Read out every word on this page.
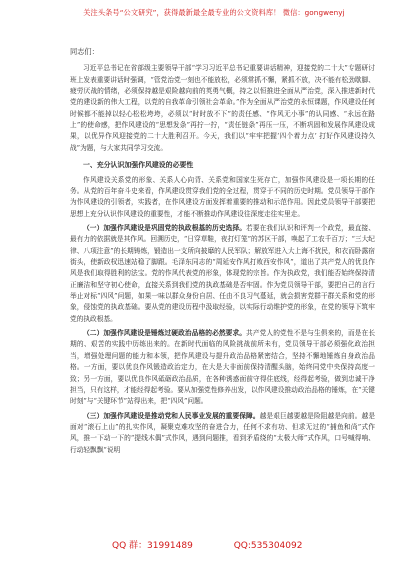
关注头条号“公文研究”，获得最新最全最专业的公文资料库！ 微信：gongwenyj

同志们：

习近平总书记在省部级主要领导干部“学习习近平总书记重要讲话精神，迎接党的二十大”专题研讨班上发表重要讲话时强调，“管党治党一刻也不能放松，必须常抓不懈，紧抓不放，决不能有松劲歇脚、疲劳厌战的情绪，必须保持越是艰险越向前的英勇气概，持之以恒推进全面从严治党，深入推进新时代党的建设新的伟大工程，以党的自我革命引领社会革命。”作为全面从严治党的永恒课题，作风建设任何时候都不能掉以轻心松松垮垮，必须以“时时放不下”的责任感、“作风无小事”的认同感、“永远在路上”的使命感，把作风建设的“思想发条”再拧一拧，“责任链条”再压一压，不断巩固和发展作风建设成果，以优异作风迎接党的二十大胜利召开。今天，我们以“牢牢把握‘四个着力点’ 打好作风建设持久战”为题，与大家共同学习交流。

一、充分认识加强作风建设的必要性

作风建设关系党的形象、关系人心向背、关系党和国家生死存亡，加强作风建设是一项长期的任务。从党的百年奋斗史来看，作风建设贯穿我们党的全过程，贯穿于不同的历史时期。党员领导干部作为作风建设的引领者，实践者，在作风建设方面发挥着重要的推动和示范作用。因此党员领导干部要把思想上充分认识作风建设的重要性，才能不断推动作风建设往深度走往实里走。

（一）加强作风建设是巩固党的执政根基的历史选择。若要在我们认识和评判一个政党，最直接、最有力的依据就是其作风。回溯历史，“日穿草鞋，夜打灯笼”的苏区干部，唤起了工农千百万；“三大纪律、八项注意”的长期铸炼，锻造出一支所向披靡的人民军队；解放军进入大上海不扰民，和衣而卧露宿街头，使新政权迅速站稳了脚跟。毛泽东同志的“周延安作风打败西安作风”，道出了共产党人的优良作风是我们取得胜利的法宝。党的作风代表党的形象，体现党的宗旨。作为执政党，我们能否始终保持清正廉洁和坚守初心使命，直接关系到我们党的执政基础是否牢固。作为党员领导干部，要把自己的言行举止对标“四风”问题，如果一味以群众身份自居、任由不良习气蔓延，就会损害党群干群关系和党的形象，侵蚀党的执政基础。要从党的建设历程中汲取经验，以实际行动维护党的形象，在党的领导下筑牢党的执政根基。

（二）加强作风建设是锤炼过硬政治品格的必然要求。共产党人的党性不是与生俱来的，而是在长期的、艰苦的实践中历练出来的。在新时代面临的风险挑战前所未有，党员领导干部必须强化政治担当，增强处理问题的能力和本领，把作风建设与提升政治品格紧密结合，坚持不懈地锤炼自身政治品格。一方面，要以优良作风锻造政治定力，在大是大非面前保持清醒头脑，始终同党中央保持高度一致；另一方面，要以优良作风砥砺政治品质，在各种诱惑面前守得住底线，经得起考验，做到忠诚干净担当，只有这样，才能经得起考验。要从加强党性修养出发，以作风建设推动政治品格的锤炼，在“关键时刻”与“关键环节”站得出来，把“四风”问题。

（三）加强作风建设是推动党和人民事业发展的重要保障。越是艰巨越要越是险阻越是向前。越是面对“滚石上山”的扎实作风，凝聚克难攻坚的奋进合力，任何不求有功、但求无过的“捕鱼和尚”式作风，推一下动一下的“提线木偶”式作风，遇到问题推，看到矛盾绕的“太极大师”式作风，口号喊得响、行动轻飘飘“说明

QQ 群：31991489	QQ:535304092
